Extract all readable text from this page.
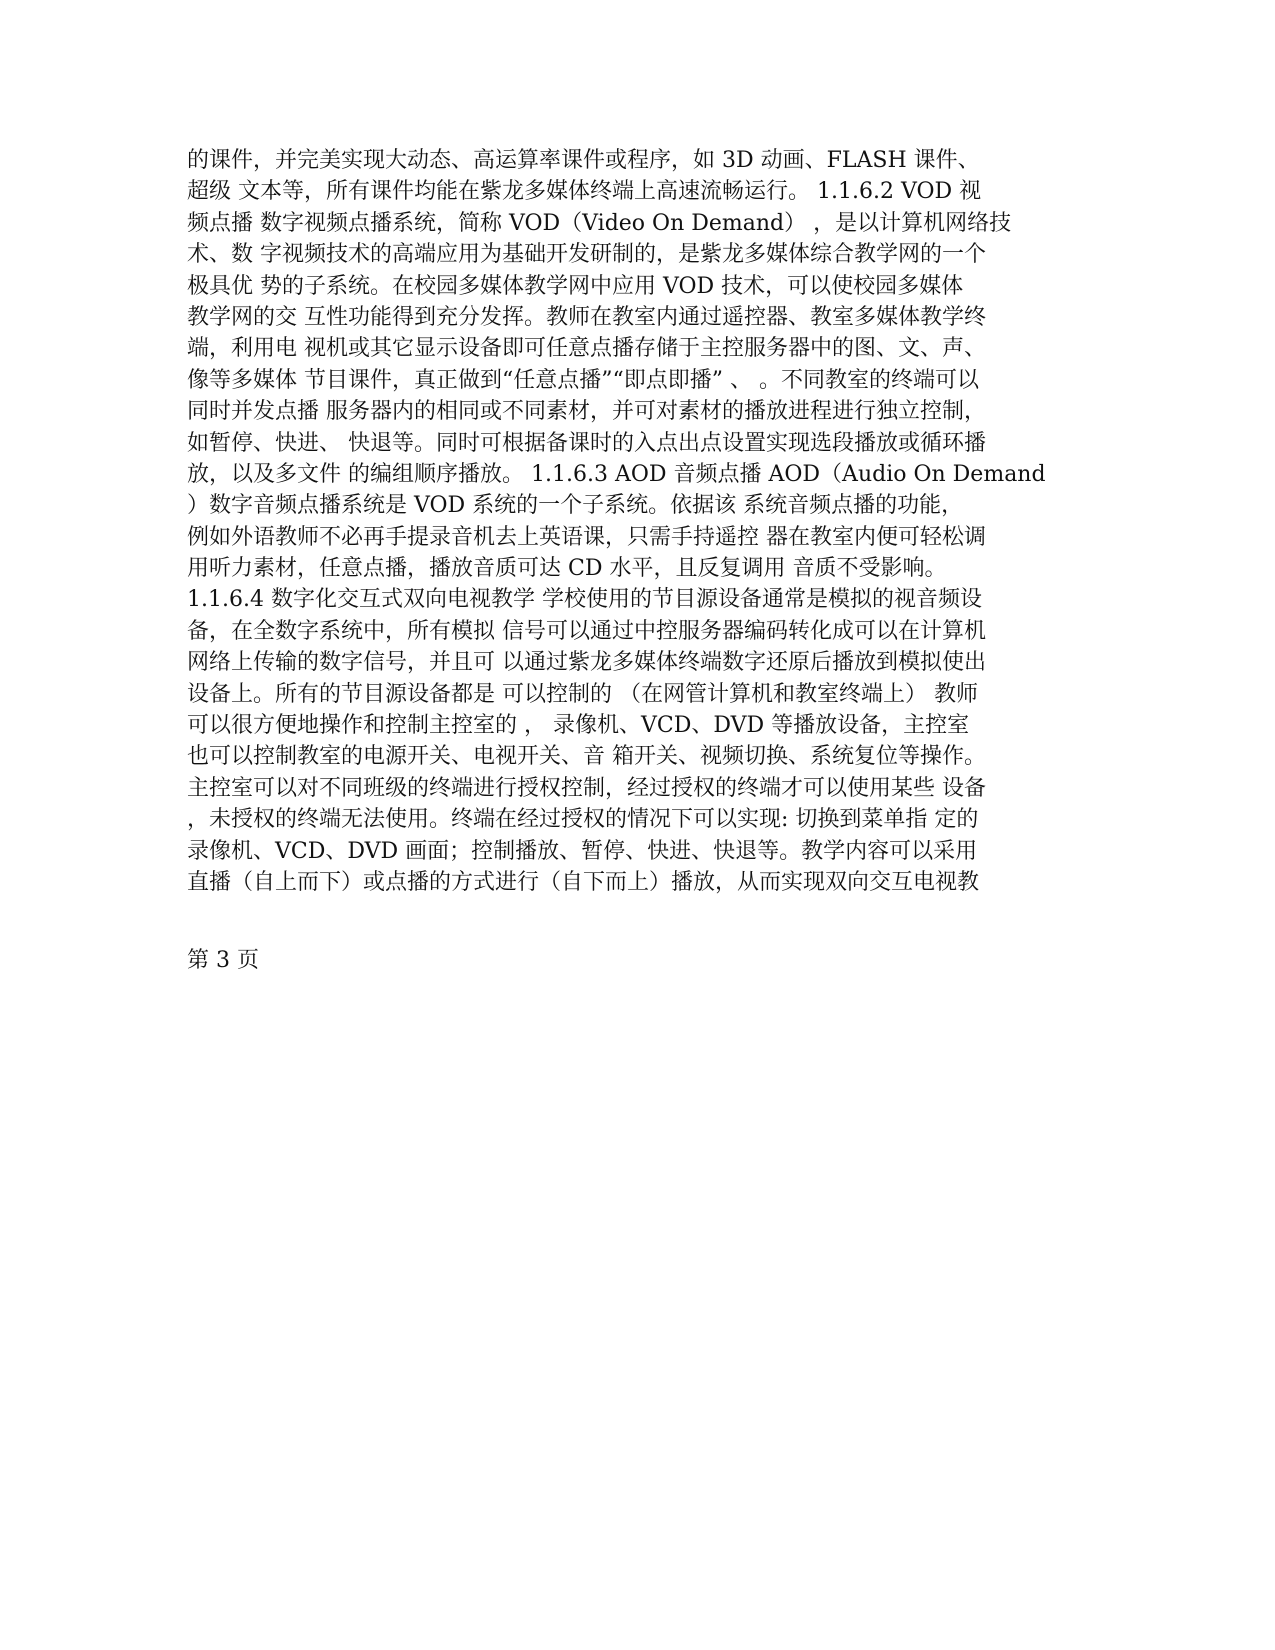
的课件，并完美实现大动态、高运算率课件或程序，如 3D 动画、FLASH 课件、
超级 文本等，所有课件均能在紫龙多媒体终端上高速流畅运行。 1.1.6.2 VOD 视
频点播 数字视频点播系统，简称 VOD（Video On Demand） ，是以计算机网络技
术、数 字视频技术的高端应用为基础开发研制的，是紫龙多媒体综合教学网的一个
极具优 势的子系统。在校园多媒体教学网中应用 VOD 技术，可以使校园多媒体
教学网的交 互性功能得到充分发挥。教师在教室内通过遥控器、教室多媒体教学终
端，利用电 视机或其它显示设备即可任意点播存储于主控服务器中的图、文、声、
像等多媒体 节目课件，真正做到“任意点播”“即点即播” 、 。不同教室的终端可以
同时并发点播 服务器内的相同或不同素材，并可对素材的播放进程进行独立控制，
如暂停、快进、 快退等。同时可根据备课时的入点出点设置实现选段播放或循环播
放，以及多文件 的编组顺序播放。 1.1.6.3 AOD 音频点播 AOD（Audio On Demand
）数字音频点播系统是 VOD 系统的一个子系统。依据该 系统音频点播的功能，
例如外语教师不必再手提录音机去上英语课，只需手持遥控 器在教室内便可轻松调
用听力素材，任意点播，播放音质可达 CD 水平，且反复调用 音质不受影响。
1.1.6.4 数字化交互式双向电视教学 学校使用的节目源设备通常是模拟的视音频设
备，在全数字系统中，所有模拟 信号可以通过中控服务器编码转化成可以在计算机
网络上传输的数字信号，并且可 以通过紫龙多媒体终端数字还原后播放到模拟使出
设备上。所有的节目源设备都是 可以控制的 （在网管计算机和教室终端上） 教师
可以很方便地操作和控制主控室的 ， 录像机、VCD、DVD 等播放设备，主控室
也可以控制教室的电源开关、电视开关、音 箱开关、视频切换、系统复位等操作。
主控室可以对不同班级的终端进行授权控制，经过授权的终端才可以使用某些 设备
，未授权的终端无法使用。终端在经过授权的情况下可以实现: 切换到菜单指 定的
录像机、VCD、DVD 画面；控制播放、暂停、快进、快退等。教学内容可以采用
直播（自上而下）或点播的方式进行（自下而上）播放，从而实现双向交互电视教
第 3 页
